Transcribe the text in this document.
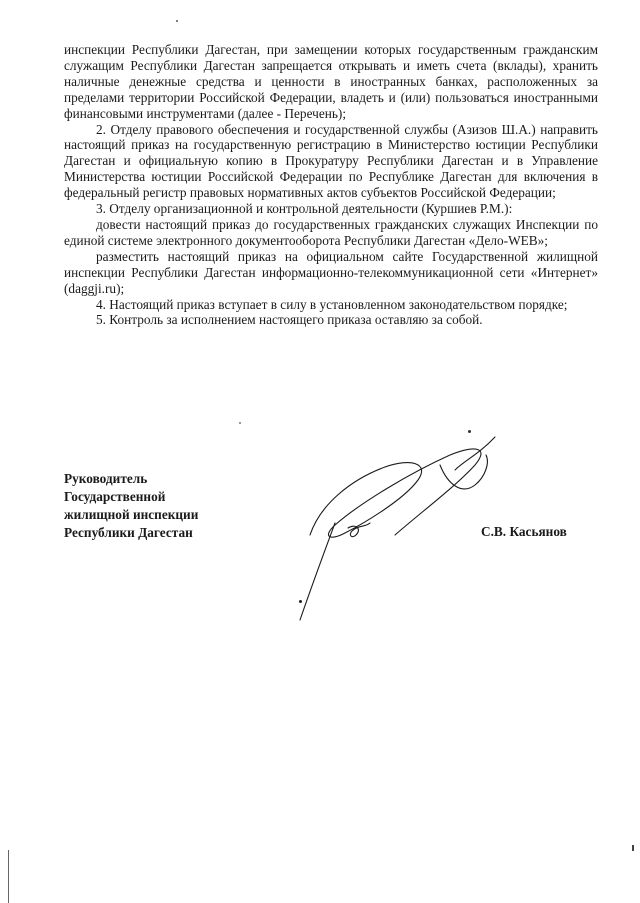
инспекции Республики Дагестан, при замещении которых государственным гражданским служащим Республики Дагестан запрещается открывать и иметь счета (вклады), хранить наличные денежные средства и ценности в иностранных банках, расположенных за пределами территории Российской Федерации, владеть и (или) пользоваться иностранными финансовыми инструментами (далее - Перечень);

2. Отделу правового обеспечения и государственной службы (Азизов Ш.А.) направить настоящий приказ на государственную регистрацию в Министерство юстиции Республики Дагестан и официальную копию в Прокуратуру Республики Дагестан и в Управление Министерства юстиции Российской Федерации по Республике Дагестан для включения в федеральный регистр правовых нормативных актов субъектов Российской Федерации;

3. Отделу организационной и контрольной деятельности (Куршиев Р.М.):

довести настоящий приказ до государственных гражданских служащих Инспекции по единой системе электронного документооборота Республики Дагестан «Дело-WEB»;

разместить настоящий приказ на официальном сайте Государственной жилищной инспекции Республики Дагестан информационно-телекоммуникационной сети «Интернет» (daggji.ru);

4. Настоящий приказ вступает в силу в установленном законодательством порядке;

5. Контроль за исполнением настоящего приказа оставляю за собой.

Руководитель
Государственной
жилищной инспекции
Республики Дагестан	С.В. Касьянов
